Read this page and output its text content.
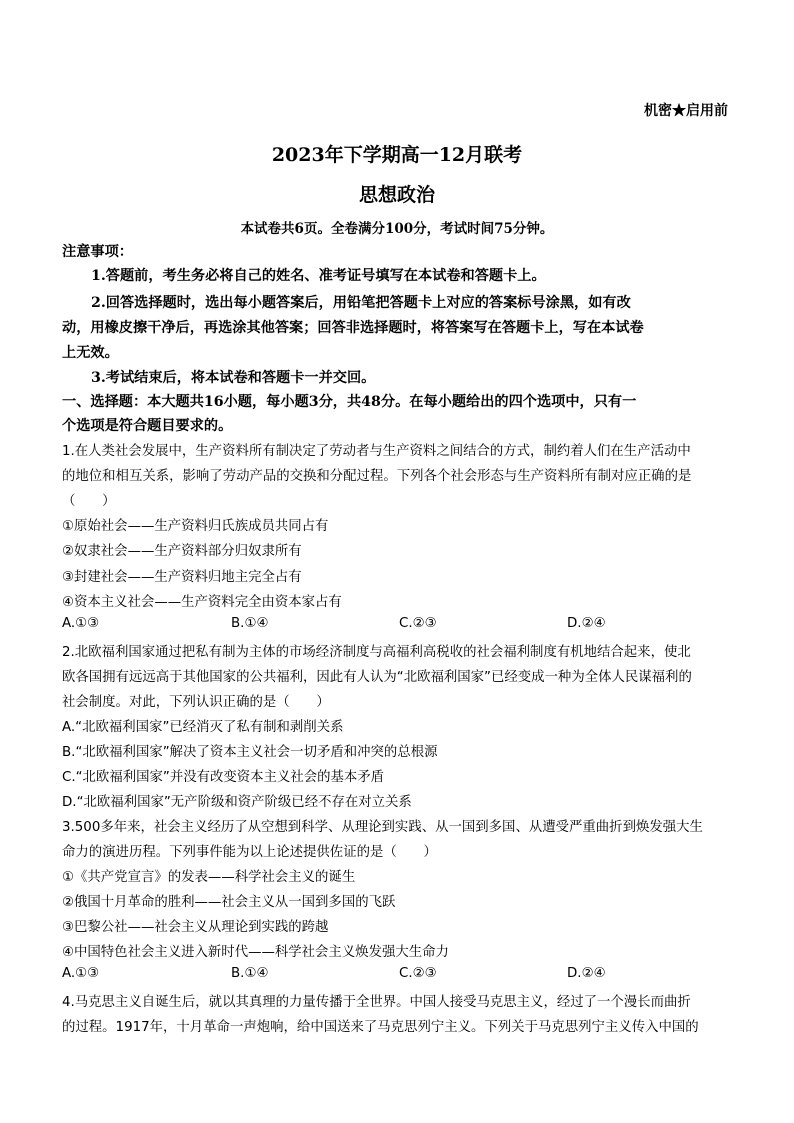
机密★启用前
2023年下学期高一12月联考
思想政治
本试卷共6页。全卷满分100分，考试时间75分钟。
注意事项：
1.答题前，考生务必将自己的姓名、准考证号填写在本试卷和答题卡上。
2.回答选择题时，选出每小题答案后，用铅笔把答题卡上对应的答案标号涂黑，如有改
动，用橡皮擦干净后，再选涂其他答案；回答非选择题时，将答案写在答题卡上，写在本试卷
上无效。
3.考试结束后，将本试卷和答题卡一并交回。
一、选择题：本大题共16小题，每小题3分，共48分。在每小题给出的四个选项中，只有一
个选项是符合题目要求的。
1.在人类社会发展中，生产资料所有制决定了劳动者与生产资料之间结合的方式，制约着人们在生产活动中
的地位和相互关系，影响了劳动产品的交换和分配过程。下列各个社会形态与生产资料所有制对应正确的是
（　　）
①原始社会——生产资料归氏族成员共同占有
②奴隶社会——生产资料部分归奴隶所有
③封建社会——生产资料归地主完全占有
④资本主义社会——生产资料完全由资本家占有
A.①③	B.①④	C.②③	D.②④
2.北欧福利国家通过把私有制为主体的市场经济制度与高福利高税收的社会福利制度有机地结合起来，使北
欧各国拥有远远高于其他国家的公共福利，因此有人认为“北欧福利国家”已经变成一种为全体人民谋福利的
社会制度。对此，下列认识正确的是（　　）
A.“北欧福利国家”已经消灭了私有制和剥削关系
B.“北欧福利国家”解决了资本主义社会一切矛盾和冲突的总根源
C.“北欧福利国家”并没有改变资本主义社会的基本矛盾
D.“北欧福利国家”无产阶级和资产阶级已经不存在对立关系
3.500多年来，社会主义经历了从空想到科学、从理论到实践、从一国到多国、从遭受严重曲折到焕发强大生
命力的演进历程。下列事件能为以上论述提供佐证的是（　　）
①《共产党宣言》的发表——科学社会主义的诞生
②俄国十月革命的胜利——社会主义从一国到多国的飞跃
③巴黎公社——社会主义从理论到实践的跨越
④中国特色社会主义进入新时代——科学社会主义焕发强大生命力
A.①③	B.①④	C.②③	D.②④
4.马克思主义自诞生后，就以其真理的力量传播于全世界。中国人接受马克思主义，经过了一个漫长而曲折
的过程。1917年，十月革命一声炮响，给中国送来了马克思列宁主义。下列关于马克思列宁主义传入中国的
